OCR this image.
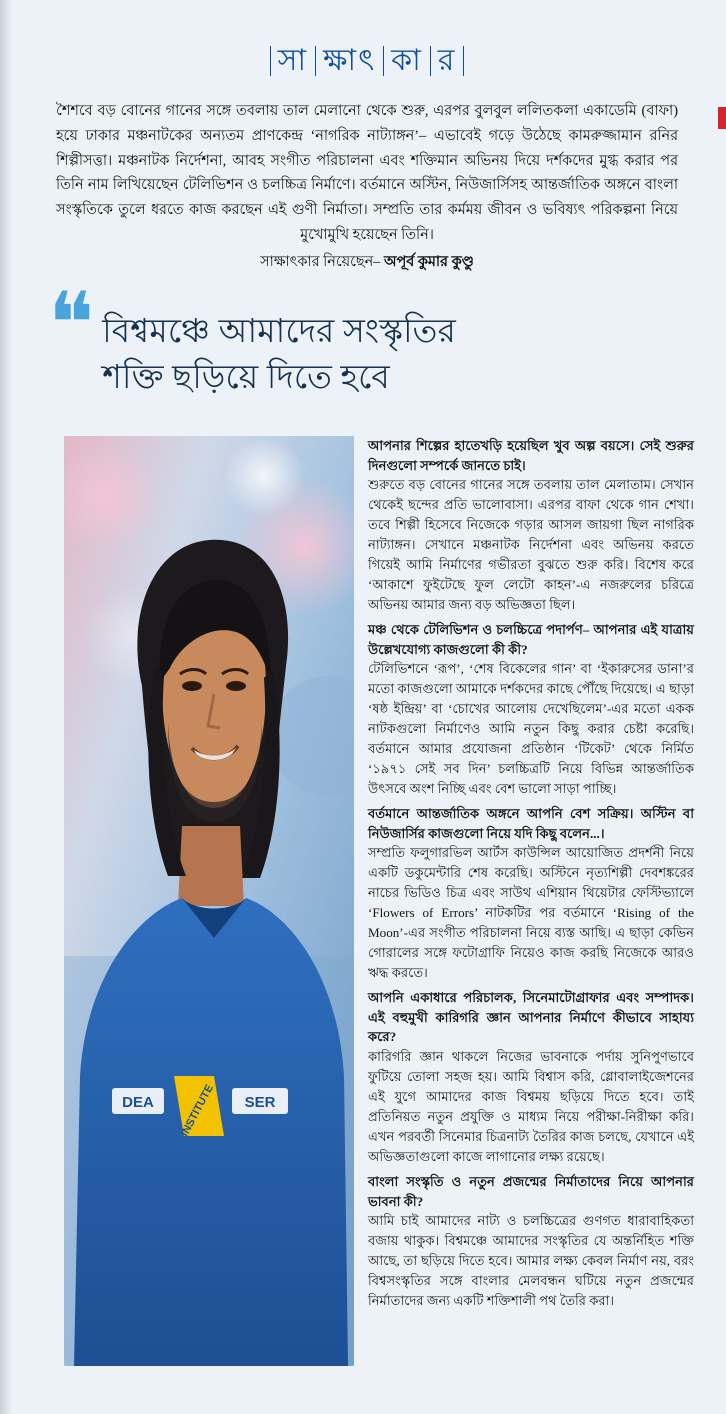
সা ক্ষাৎ কা র
শৈশবে বড় বোনের গানের সঙ্গে তবলায় তাল মেলানো থেকে শুরু, এরপর বুলবুল ললিতকলা একাডেমি (বাফা) হয়ে ঢাকার মঞ্চনাটকের অন্যতম প্রাণকেন্দ্র ‘নাগরিক নাট্যাঙ্গন’– এভাবেই গড়ে উঠেছে কামরুজ্জামান রনির শিল্পীসত্তা। মঞ্চনাটক নির্দেশনা, আবহ সংগীত পরিচালনা এবং শক্তিমান অভিনয় দিয়ে দর্শকদের মুগ্ধ করার পর তিনি নাম লিখিয়েছেন টেলিভিশন ও চলচ্চিত্র নির্মাণে। বর্তমানে অস্টিন, নিউজার্সিসহ আন্তর্জাতিক অঙ্গনে বাংলা সংস্কৃতিকে তুলে ধরতে কাজ করছেন এই গুণী নির্মাতা। সম্প্রতি তার কর্মময় জীবন ও ভবিষ্যৎ পরিকল্পনা নিয়ে মুখোমুখি হয়েছেন তিনি।
সাক্ষাৎকার নিয়েছেন– অপূর্ব কুমার কুণ্ডু
❝ বিশ্বমঞ্চে আমাদের সংস্কৃতির
শক্তি ছড়িয়ে দিতে হবে
DEA	SER
INSTITUTE
আপনার শিল্পের হাতেখড়ি হয়েছিল খুব অল্প বয়সে। সেই শুরুর দিনগুলো সম্পর্কে জানতে চাই।
শুরুতে বড় বোনের গানের সঙ্গে তবলায় তাল মেলাতাম। সেখান থেকেই ছন্দের প্রতি ভালোবাসা। এরপর বাফা থেকে গান শেখা। তবে শিল্পী হিসেবে নিজেকে গড়ার আসল জায়গা ছিল নাগরিক নাট্যাঙ্গন। সেখানে মঞ্চনাটক নির্দেশনা এবং অভিনয় করতে গিয়েই আমি নির্মাণের গভীরতা বুঝতে শুরু করি। বিশেষ করে ‘আকাশে ফুইটেছে ফুল লেটো কাহন’-এ নজরুলের চরিত্রে অভিনয় আমার জন্য বড় অভিজ্ঞতা ছিল।
মঞ্চ থেকে টেলিভিশন ও চলচ্চিত্রে পদার্পণ– আপনার এই যাত্রায় উল্লেখযোগ্য কাজগুলো কী কী?
টেলিভিশনে ‘রূপ’, ‘শেষ বিকেলের গান’ বা ‘ইকারুসের ডানা’র মতো কাজগুলো আমাকে দর্শকদের কাছে পৌঁছে দিয়েছে। এ ছাড়া ‘ষষ্ঠ ইন্দ্রিয়’ বা ‘চোখের আলোয় দেখেছিলেম’-এর মতো একক নাটকগুলো নির্মাণেও আমি নতুন কিছু করার চেষ্টা করেছি। বর্তমানে আমার প্রযোজনা প্রতিষ্ঠান ‘টিকেট’ থেকে নির্মিত ‘১৯৭১ সেই সব দিন’ চলচ্চিত্রটি নিয়ে বিভিন্ন আন্তর্জাতিক উৎসবে অংশ নিচ্ছি এবং বেশ ভালো সাড়া পাচ্ছি।
বর্তমানে আন্তর্জাতিক অঙ্গনে আপনি বেশ সক্রিয়। অস্টিন বা নিউজার্সির কাজগুলো নিয়ে যদি কিছু বলেন...।
সম্প্রতি ফলুগারভিল আর্টস কাউন্সিল আয়োজিত প্রদর্শনী নিয়ে একটি ডকুমেন্টারি শেষ করেছি। অস্টিনে নৃত্যশিল্পী দেবশঙ্করের নাচের ভিডিও চিত্র এবং সাউথ এশিয়ান থিয়েটার ফেস্টিভ্যালে ‘Flowers of Errors’ নাটকটির পর বর্তমানে ‘Rising of the Moon’-এর সংগীত পরিচালনা নিয়ে ব্যস্ত আছি। এ ছাড়া কেভিন গোরালের সঙ্গে ফটোগ্রাফি নিয়েও কাজ করছি নিজেকে আরও ঋদ্ধ করতে।
আপনি একাধারে পরিচালক, সিনেমাটোগ্রাফার এবং সম্পাদক। এই বহুমুখী কারিগরি জ্ঞান আপনার নির্মাণে কীভাবে সাহায্য করে?
কারিগরি জ্ঞান থাকলে নিজের ভাবনাকে পর্দায় সুনিপুণভাবে ফুটিয়ে তোলা সহজ হয়। আমি বিশ্বাস করি, গ্লোবালাইজেশনের এই যুগে আমাদের কাজ বিশ্বময় ছড়িয়ে দিতে হবে। তাই প্রতিনিয়ত নতুন প্রযুক্তি ও মাধ্যম নিয়ে পরীক্ষা-নিরীক্ষা করি। এখন পরবর্তী সিনেমার চিত্রনাট্য তৈরির কাজ চলছে, যেখানে এই অভিজ্ঞতাগুলো কাজে লাগানোর লক্ষ্য রয়েছে।
বাংলা সংস্কৃতি ও নতুন প্রজন্মের নির্মাতাদের নিয়ে আপনার ভাবনা কী?
আমি চাই আমাদের নাট্য ও চলচ্চিত্রের গুণগত ধারাবাহিকতা বজায় থাকুক। বিশ্বমঞ্চে আমাদের সংস্কৃতির যে অন্তর্নিহিত শক্তি আছে, তা ছড়িয়ে দিতে হবে। আমার লক্ষ্য কেবল নির্মাণ নয়, বরং বিশ্বসংস্কৃতির সঙ্গে বাংলার মেলবন্ধন ঘটিয়ে নতুন প্রজন্মের নির্মাতাদের জন্য একটি শক্তিশালী পথ তৈরি করা।
